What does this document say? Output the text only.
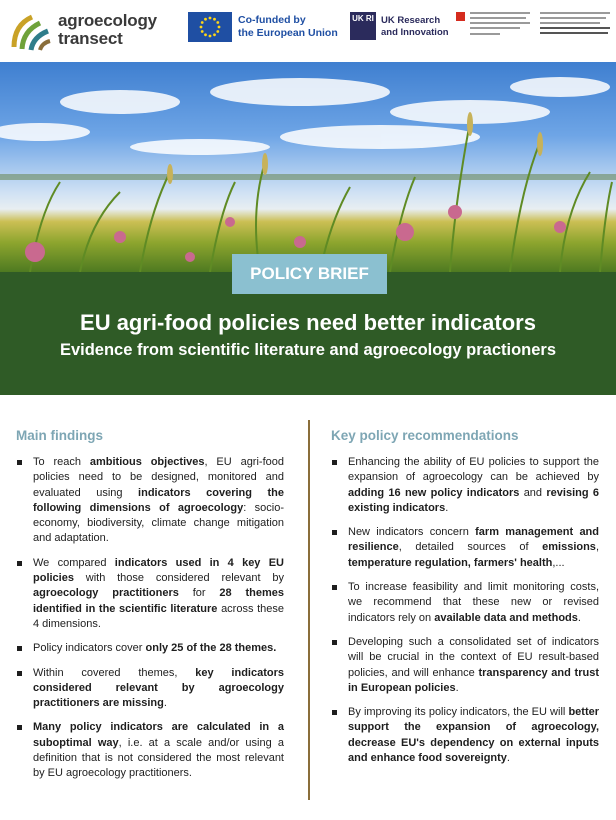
agroecology
transect
Co-funded by
the European Union
UK RI UK Research
and Innovation
POLICY BRIEF
EU agri-food policies need better indicators
Evidence from scientific literature and agroecology practioners
Main findings
To reach ambitious objectives, EU agri-food policies need to be designed, monitored and evaluated using indicators covering the following dimensions of agroecology: socio-economy, biodiversity, climate change mitigation and adaptation.
We compared indicators used in 4 key EU policies with those considered relevant by agroecology practitioners for 28 themes identified in the scientific literature across these 4 dimensions.
Policy indicators cover only 25 of the 28 themes.
Within covered themes, key indicators considered relevant by agroecology practitioners are missing.
Many policy indicators are calculated in a suboptimal way, i.e. at a scale and/or using a definition that is not considered the most relevant by EU agroecology practitioners.
Key policy recommendations
Enhancing the ability of EU policies to support the expansion of agroecology can be achieved by adding 16 new policy indicators and revising 6 existing indicators.
New indicators concern farm management and resilience, detailed sources of emissions, temperature regulation, farmers' health,...
To increase feasibility and limit monitoring costs, we recommend that these new or revised indicators rely on available data and methods.
Developing such a consolidated set of indicators will be crucial in the context of EU result-based policies, and will enhance transparency and trust in European policies.
By improving its policy indicators, the EU will better support the expansion of agroecology, decrease EU's dependency on external inputs and enhance food sovereignty.
